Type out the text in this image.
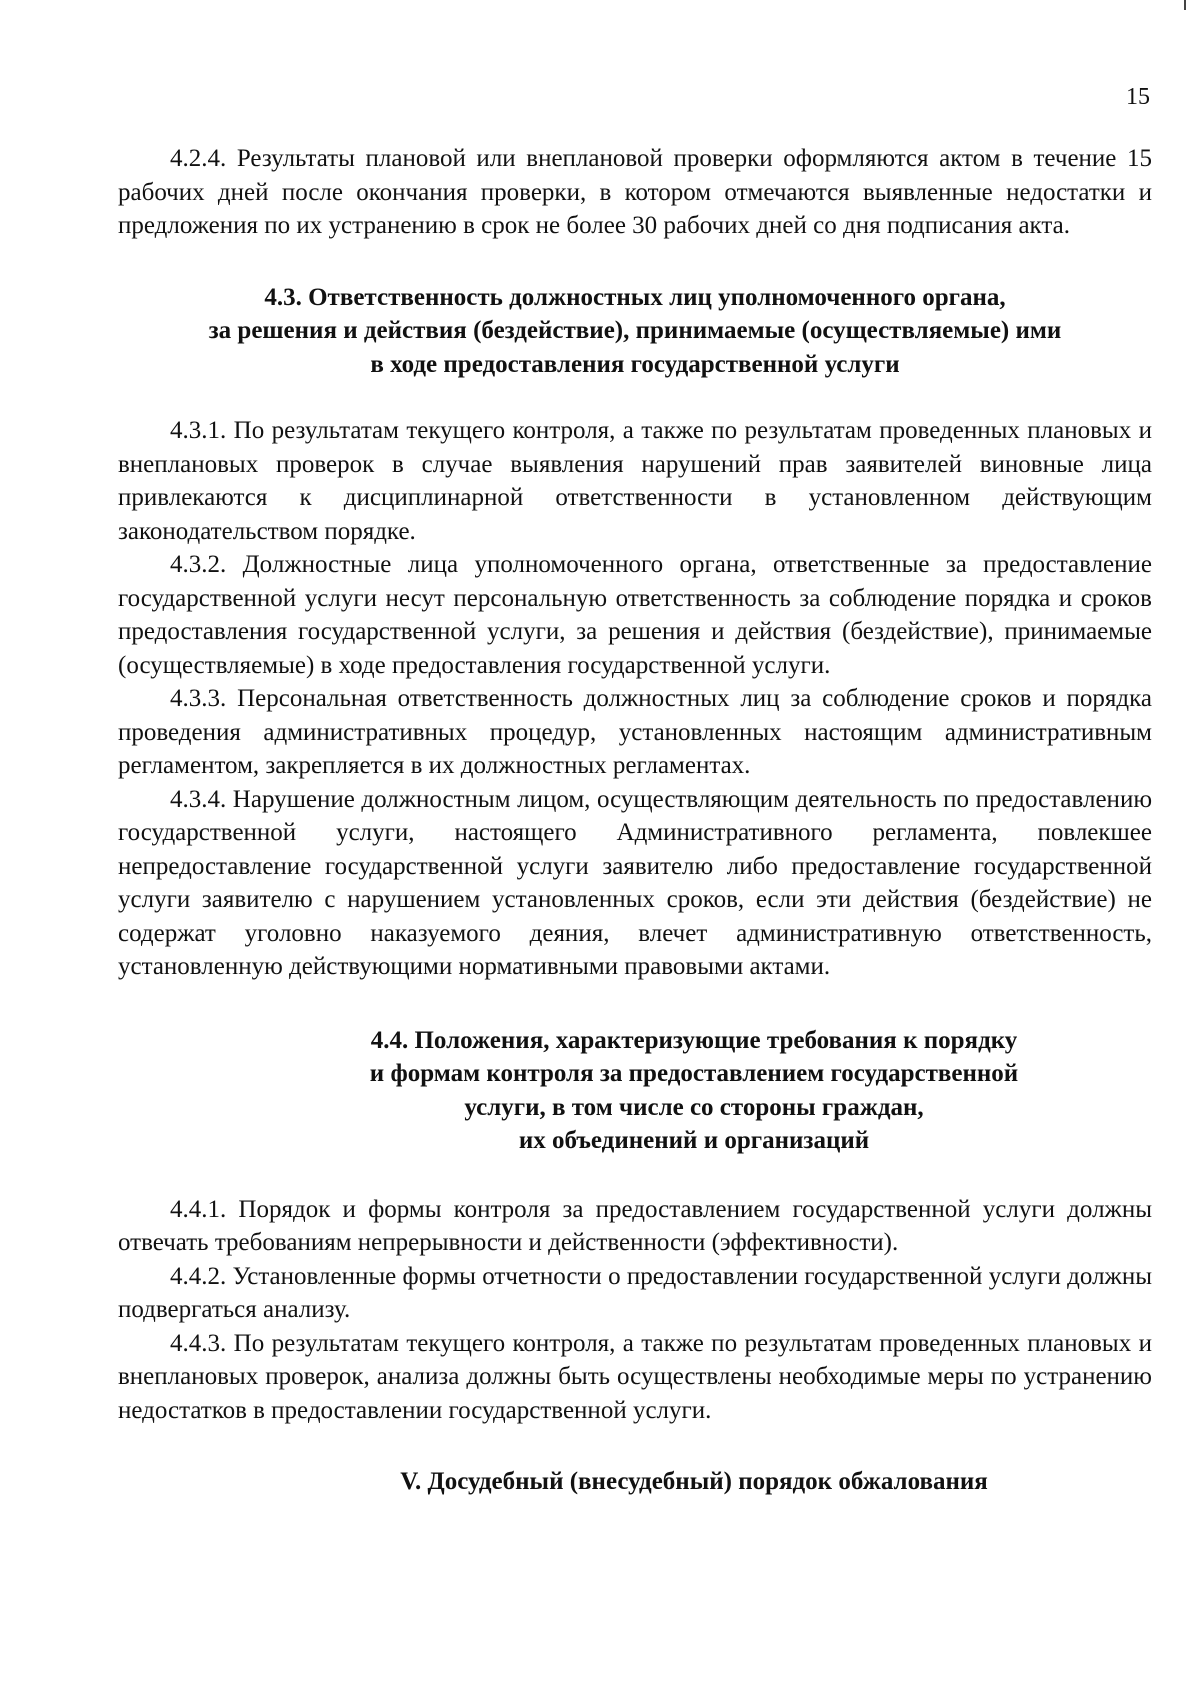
15

4.2.4. Результаты плановой или внеплановой проверки оформляются актом в течение 15 рабочих дней после окончания проверки, в котором отмечаются выявленные недостатки и предложения по их устранению в срок не более 30 рабочих дней со дня подписания акта.

4.3. Ответственность должностных лиц уполномоченного органа,
за решения и действия (бездействие), принимаемые (осуществляемые) ими
в ходе предоставления государственной услуги

4.3.1. По результатам текущего контроля, а также по результатам проведенных плановых и внеплановых проверок в случае выявления нарушений прав заявителей виновные лица привлекаются к дисциплинарной ответственности в установленном действующим законодательством порядке.

4.3.2. Должностные лица уполномоченного органа, ответственные за предоставление государственной услуги несут персональную ответственность за соблюдение порядка и сроков предоставления государственной услуги, за решения и действия (бездействие), принимаемые (осуществляемые) в ходе предоставления государственной услуги.

4.3.3. Персональная ответственность должностных лиц за соблюдение сроков и порядка проведения административных процедур, установленных настоящим административным регламентом, закрепляется в их должностных регламентах.

4.3.4. Нарушение должностным лицом, осуществляющим деятельность по предоставлению государственной услуги, настоящего Административного регламента, повлекшее непредоставление государственной услуги заявителю либо предоставление государственной услуги заявителю с нарушением установленных сроков, если эти действия (бездействие) не содержат уголовно наказуемого деяния, влечет административную ответственность, установленную действующими нормативными правовыми актами.

4.4. Положения, характеризующие требования к порядку
и формам контроля за предоставлением государственной
услуги, в том числе со стороны граждан,
их объединений и организаций

4.4.1. Порядок и формы контроля за предоставлением государственной услуги должны отвечать требованиям непрерывности и действенности (эффективности).

4.4.2. Установленные формы отчетности о предоставлении государственной услуги должны подвергаться анализу.

4.4.3. По результатам текущего контроля, а также по результатам проведенных плановых и внеплановых проверок, анализа должны быть осуществлены необходимые меры по устранению недостатков в предоставлении государственной услуги.

V. Досудебный (внесудебный) порядок обжалования
